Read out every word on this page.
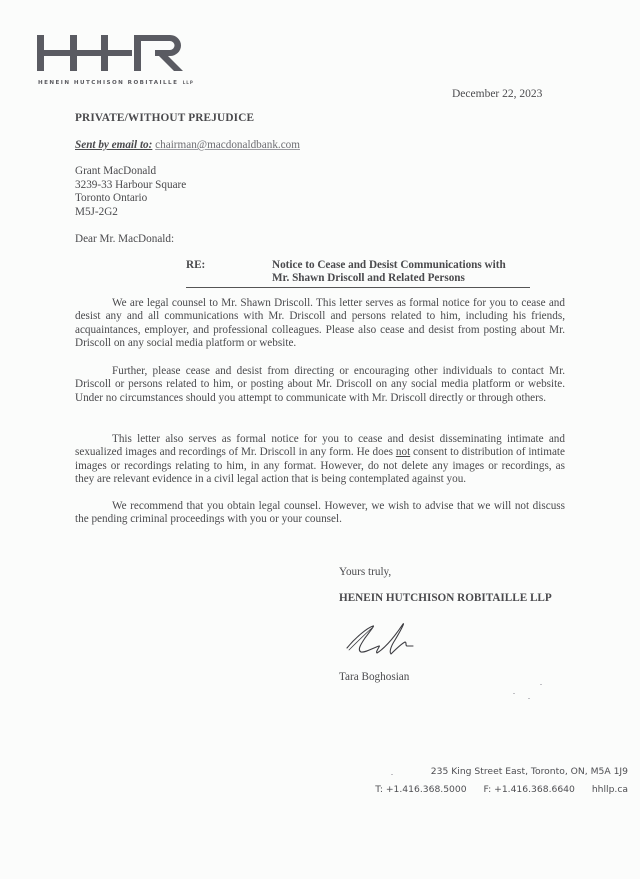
HENEIN HUTCHISON ROBITAILLE LLP
December 22, 2023
PRIVATE/WITHOUT PREJUDICE
Sent by email to: chairman@macdonaldbank.com
Grant MacDonald
3239-33 Harbour Square
Toronto Ontario
M5J-2G2
Dear Mr. MacDonald:
RE:	Notice to Cease and Desist Communications with
Mr. Shawn Driscoll and Related Persons

We are legal counsel to Mr. Shawn Driscoll. This letter serves as formal notice for you to cease and desist any and all communications with Mr. Driscoll and persons related to him, including his friends, acquaintances, employer, and professional colleagues. Please also cease and desist from posting about Mr. Driscoll on any social media platform or website.

Further, please cease and desist from directing or encouraging other individuals to contact Mr. Driscoll or persons related to him, or posting about Mr. Driscoll on any social media platform or website. Under no circumstances should you attempt to communicate with Mr. Driscoll directly or through others.

This letter also serves as formal notice for you to cease and desist disseminating intimate and sexualized images and recordings of Mr. Driscoll in any form. He does not consent to distribution of intimate images or recordings relating to him, in any format. However, do not delete any images or recordings, as they are relevant evidence in a civil legal action that is being contemplated against you.

We recommend that you obtain legal counsel. However, we wish to advise that we will not discuss the pending criminal proceedings with you or your counsel.

Yours truly,
HENEIN HUTCHISON ROBITAILLE LLP
Tara Boghosian
235 King Street East, Toronto, ON, M5A 1J9
T: +1.416.368.5000 F: +1.416.368.6640 hhllp.ca
